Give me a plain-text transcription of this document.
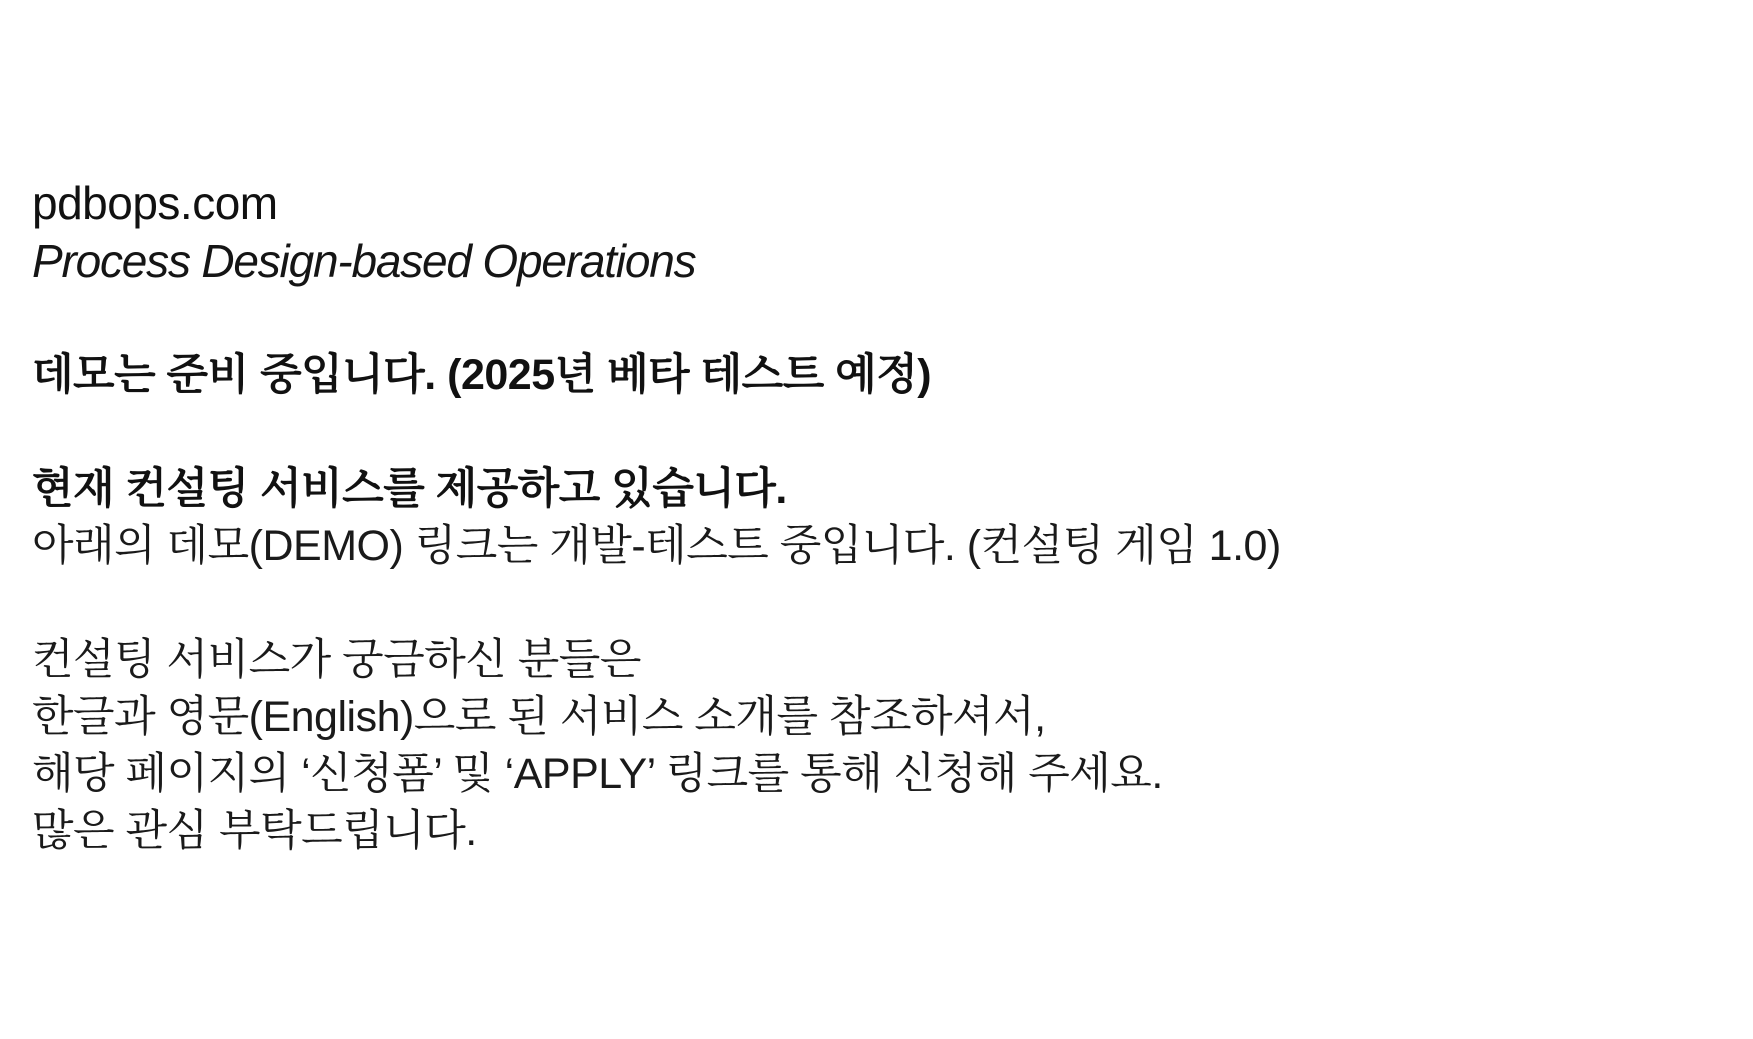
pdbops.com
Process Design-based Operations
데모는 준비 중입니다. (2025년 베타 테스트 예정)
현재 컨설팅 서비스를 제공하고 있습니다.
아래의 데모(DEMO) 링크는 개발-테스트 중입니다. (컨설팅 게임 1.0)
컨설팅 서비스가 궁금하신 분들은
한글과 영문(English)으로 된 서비스 소개를 참조하셔서,
해당 페이지의 ‘신청폼’ 및 ‘APPLY’ 링크를 통해 신청해 주세요.
많은 관심 부탁드립니다.
